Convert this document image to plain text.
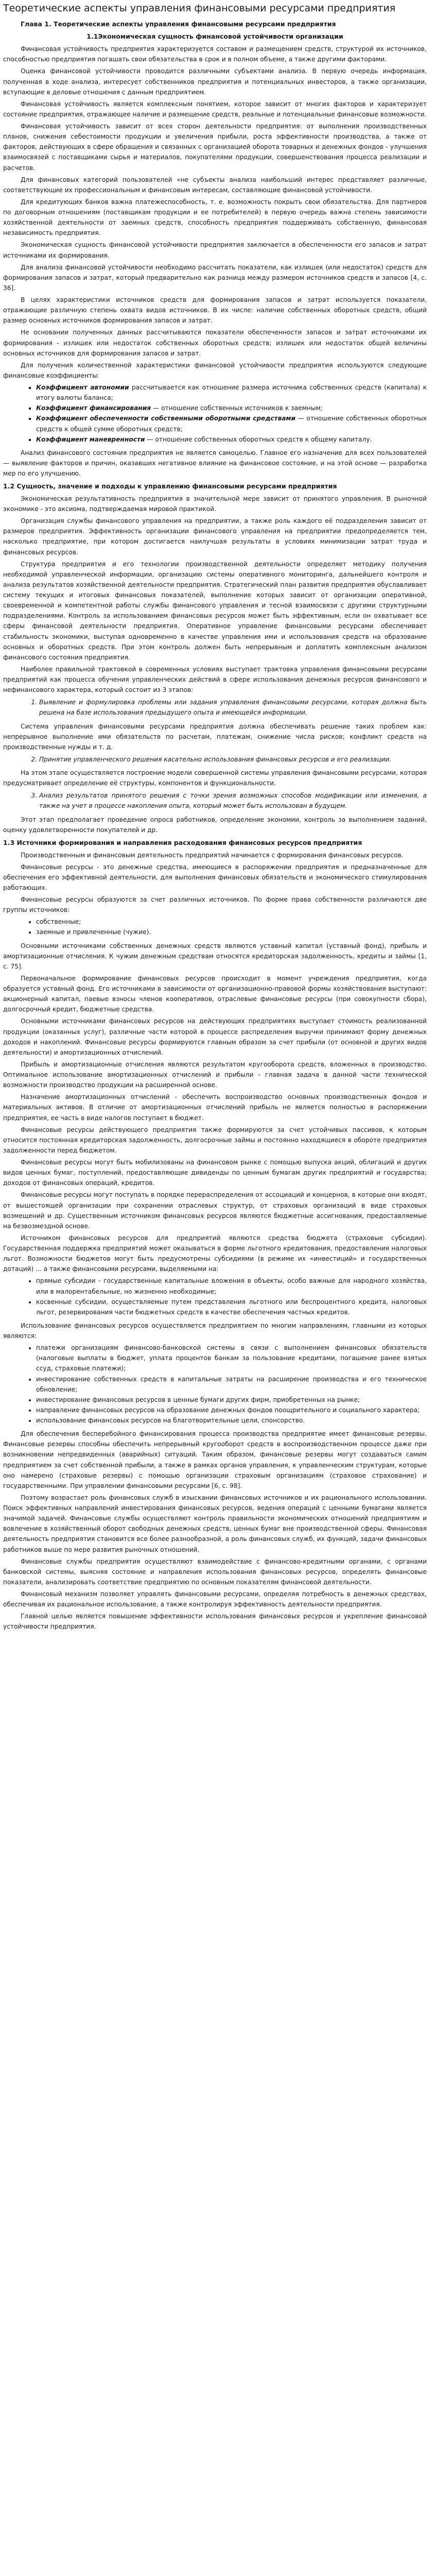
Теоретические аспекты управления финансовыми ресурсами предприятия
Глава 1. Теоретические аспекты управления финансовыми ресурсами предприятия
1.1Экономическая сущность финансовой устойчивости организации

Финансовая устойчивость предприятия характеризуется составом и размещением средств, структурой их источников, способностью предприятия погашать свои обязательства в срок и в полном объеме, а также другими факторами.

Оценка финансовой устойчивости проводится различными субъектами анализа. В первую очередь информация, полученная в ходе анализа, интересует собственников предприятия и потенциальных инвесторов, а также организации, вступающие в деловые отношения с данным предприятием.

Финансовая устойчивость является комплексным понятием, которое зависит от многих факторов и характеризует состояние предприятия, отражающее наличие и размещение средств, реальные и потенциальные финансовые возможности.

Финансовая устойчивость зависит от всех сторон деятельности предприятия: от выполнения производственных планов, снижения себестоимости продукции и увеличения прибыли, роста эффективности производства, а также от факторов, действующих в сфере обращения и связанных с организацией оборота товарных и денежных фондов - улучшения взаимосвязей с поставщиками сырья и материалов, покупателями продукции, совершенствования процесса реализации и расчетов.

Для финансовых категорий пользователей «не субъекты анализа наибольший интерес представляет различные, соответствующие их профессиональным и финансовым интересам, составляющие финансовой устойчивости.

Для кредитующих банков важна платежеспособность, т. е. возможность покрыть свои обязательства. Для партнеров по договорным отношениям (поставщикам продукции и ее потребителей) в первую очередь важна степень зависимости хозяйственной деятельности от заемных средств, способность предприятия поддерживать собственную, финансовая независимость предприятия.

Экономическая сущность финансовой устойчивости предприятия заключается в обеспеченности его запасов и затрат источниками их формирования.

Для анализа финансовой устойчивости необходимо рассчитать показатели, как излишек (или недостаток) средств для формирования запасов и затрат, который предварительно как разница между размером источников средств и запасов [4, с. 36].

В целях характеристики источников средств для формирования запасов и затрат используется показатели, отражающие различную степень охвата видов источников. В их числе: наличие собственных оборотных средств, общий размер основных источников формирования запасов и затрат.

Не основании полученных данных рассчитываются показатели обеспеченности запасов и затрат источниками их формирования - излишек или недостаток собственных оборотных средств; излишек или недостаток общей величины основных источников для формирования запасов и затрат.

Для получения количественной характеристики финансовой устойчивости предприятия используются следующие финансовые коэффициенты:

▪ Коэффициент автономии рассчитывается как отношение размера источника собственных средств (капитала) к итогу валюты баланса;
▪ Коэффициент финансирования — отношение собственных источников к заемным;
▪ Коэффициент обеспеченности собственными оборотными средствами — отношение собственных оборотных средств к общей сумме оборотных средств;
▪ Коэффициент маневренности — отношение собственных оборотных средств к общему капиталу.

Анализ финансового состояния предприятия не является самоцелью. Главное его назначение для всех пользователей — выявление факторов и причин, оказавших негативное влияние на финансовое состояние, и на этой основе — разработка мер по его улучшению.

1.2 Сущность, значение и подходы к управлению финансовыми ресурсами предприятия

Экономическая результативность предприятия в значительной мере зависит от принятого управления. В рыночной экономике - это аксиома, подтверждаемая мировой практикой.

Организация службы финансового управления на предприятии, а также роль каждого её подразделения зависит от размеров предприятия. Эффективность организации финансового управления на предприятии предопределяется тем, насколько предприятие, при котором достигается наилучшая результаты в условиях минимизации затрат труда и финансовых ресурсов.

Структура предприятия и его технологии производственной деятельности определяет методику получения необходимой управленческой информации, организацию системы оперативного мониторинга, дальнейшего контроля и анализа результатов хозяйственной деятельности предприятия. Стратегический план развития предприятия обуславливает систему текущих и итоговых финансовых показателей, выполнение которых зависит от организации оперативной, своевременной и компетентной работы службы финансового управления и тесной взаимосвязи с другими структурными подразделениями. Контроль за использованием финансовых ресурсов может быть эффективным, если он охватывает все сферы финансовой деятельности предприятия. Оперативное управление финансовыми ресурсами обеспечивает стабильность экономики, выступая одновременно в качестве управления ими и использования средств на образование основных и оборотных средств. При этом контроль должен быть непрерывным и доплатить комплексным анализом финансового состояния предприятия.

Наиболее правильной трактовкой в современных условиях выступает трактовка управления финансовыми ресурсами предприятий как процесса обучения управленческих действий в сфере использования денежных ресурсов финансового и нефинансового характера, который состоит из 3 этапов:

1. Выявление и формулировка проблемы или задания управления финансовыми ресурсами, которая должна быть решена на базе использования предыдущего опыта и имеющейся информации.

Система управления финансовыми ресурсами предприятия должна обеспечивать решение таких проблем как: непрерывное выполнение ими обязательств по расчетам, платежам, снижение числа рисков; конфликт средств на производственные нужды и т. д.

2. Принятие управленческого решения касательно использования финансовых ресурсов и его реализации.

На этом этапе осуществляется построение модели совершенной системы управления финансовыми ресурсами, которая предусматривает определение её структуры, компонентов и функциональности.

3. Анализ результатов принятого решения с точки зрения возможных способов модификации или изменения, а также на учет в процессе накопления опыта, который может быть использован в будущем.

Этот этап предполагает проведение опроса работников, определение экономии, контроль за выполнением заданий, оценку удовлетворенности покупателей и др.

1.3 Источники формирования и направления расходования финансовых ресурсов предприятия

Производственным и финансовым деятельность предприятий начинается с формирования финансовых ресурсов.

Финансовые ресурсы - это денежные средства, имеющиеся в распоряжении предприятия и предназначенные для обеспечения его эффективной деятельности, для выполнения финансовых обязательств и экономического стимулирования работающих.

Финансовые ресурсы образуются за счет различных источников. По форме права собственности различаются две группы источников:

• собственные;
• заемные и привлеченные (чужие).

Основными источниками собственных денежных средств являются уставный капитал (уставный фонд), прибыль и амортизационные отчисления. К чужим денежным средствам относятся кредиторская задолженность, кредиты и займы [1, с. 75].

Первоначальное формирование финансовых ресурсов происходит в момент учреждения предприятия, когда образуется уставный фонд. Его источниками в зависимости от организационно-правовой формы хозяйствования выступают: акционерный капитал, паевые взносы членов кооперативов, отраслевые финансовые ресурсы (при совокупности сбора), долгосрочный кредит, бюджетные средства.

Основными источниками финансовых ресурсов на действующих предприятиях выступает стоимость реализованной продукции (оказанных услуг), различные части которой в процессе распределения выручки принимают форму денежных доходов и накоплений. Финансовые ресурсы формируются главным образом за счет прибыли (от основной и других видов деятельности) и амортизационных отчислений.

Прибыль и амортизационные отчисления являются результатом кругооборота средств, вложенных в производство. Оптимальное использование амортизационных отчислений и прибыли - главная задача в данной части технической возможности производство продукции на расширенной основе.

Назначение амортизационных отчислений - обеспечить воспроизводство основных производственных фондов и материальных активов. В отличие от амортизационных отчислений прибыль не является полностью в распоряжении предприятия, ее часть в виде налогов поступает в бюджет.

Финансовые ресурсы действующего предприятия также формируются за счет устойчивых пассивов, к которым относится постоянная кредиторская задолженность, долгосрочные займы и постоянно находящиеся в обороте предприятия задолженности перед бюджетом.

Финансовые ресурсы могут быть мобилизованы на финансовом рынке с помощью выпуска акций, облигаций и других видов ценных бумаг, поступлений, предоставляющие дивиденды по ценным бумагам других предприятий и государства; доходов от финансовых операций, кредитов.

Финансовые ресурсы могут поступать в порядке перераспределения от ассоциаций и концернов, в которые они входят, от вышестоящей организации при сохранении отраслевых структур, от страховых организаций в виде страховых возмещений и др. Существенным источником финансовых ресурсов являются бюджетные ассигнования, предоставляемые на безвозмездной основе.

Источником финансовых ресурсов для предприятий являются средства бюджета (страховые субсидии). Государственная поддержка предприятий может оказываться в форме льготного кредитования, предоставления налоговых льгот. Возможности бюджетов могут быть предусмотрены субсидиями (в режиме их «инвестиций» и государственных дотаций) ... а также финансовыми ресурсами, выделяемыми на:

• прямые субсидии - государственные капитальные вложения в объекты, особо важные для народного хозяйства, или в малорентабельные, но жизненно необходимые;
• косвенные субсидии, осуществляемые путем представления льготного или беспроцентного кредита, налоговых льгот, резервирования части бюджетных средств в качестве обеспечения частных кредитов.

Использование финансовых ресурсов осуществляется предприятием по многим направлениям, главными из которых являются:

• платежи организациям финансово-банковской системы в связи с выполнением финансовых обязательств (налоговые выплаты в бюджет, уплата процентов банкам за пользование кредитами, погашение ранее взятых ссуд, страховые платежи);
• инвестирование собственных средств в капитальные затраты на расширение производства и его техническое обновление;
• инвестирование финансовых ресурсов в ценные бумаги других фирм, приобретенных на рынке;
• направление финансовых ресурсов на образование денежных фондов поощрительного и социального характера;
• использование финансовых ресурсов на благотворительные цели, спонсорство.

Для обеспечения бесперебойного финансирования процесса производства предприятие имеет финансовые резервы. Финансовые резервы способны обеспечить непрерывный кругооборот средств в воспроизводственном процессе даже при возникновении непредвиденных (аварийных) ситуаций. Таким образом, финансовые резервы могут создаваться самим предприятием за счет собственной прибыли, а также в рамках органов управления, к управленческим структурам, которые оно намерено (страховые резервы) с помощью организации страховым организациям (страховое страхование) и государственными. При управлении финансовыми ресурсами [6, с. 98].

Поэтому возрастает роль финансовых служб в изыскании финансовых источников и их рационального использовании. Поиск эффективных направлений инвестирования финансовых ресурсов, ведения операций с ценными бумагами является значимой задачей. Финансовые службы осуществляют контроль правильности экономических отношений предприятиям и вовлечение в хозяйственный оборот свободных денежных средств, ценных бумаг вне производственной сферы. Финансовая деятельность предприятия становится все более разнообразной, а роль финансовых служб, их функций, задачи финансовых работников выше по мере развития рыночных отношений.

Финансовые службы предприятия осуществляют взаимодействие с финансово-кредитными органами, с органами банковской системы, выясняя состояние и направления использования финансовых ресурсов, определять финансовые показатели, анализировать соответствие предприятию по основным показателям финансовой деятельности.

Финансовый механизм позволяет управлять финансовыми ресурсами, определяя потребность в денежных средствах, обеспечивая их рациональное использование, а также контролируя эффективность деятельности предприятия.

Главной целью является повышение эффективности использования финансовых ресурсов и укрепление финансовой устойчивости предприятия.
